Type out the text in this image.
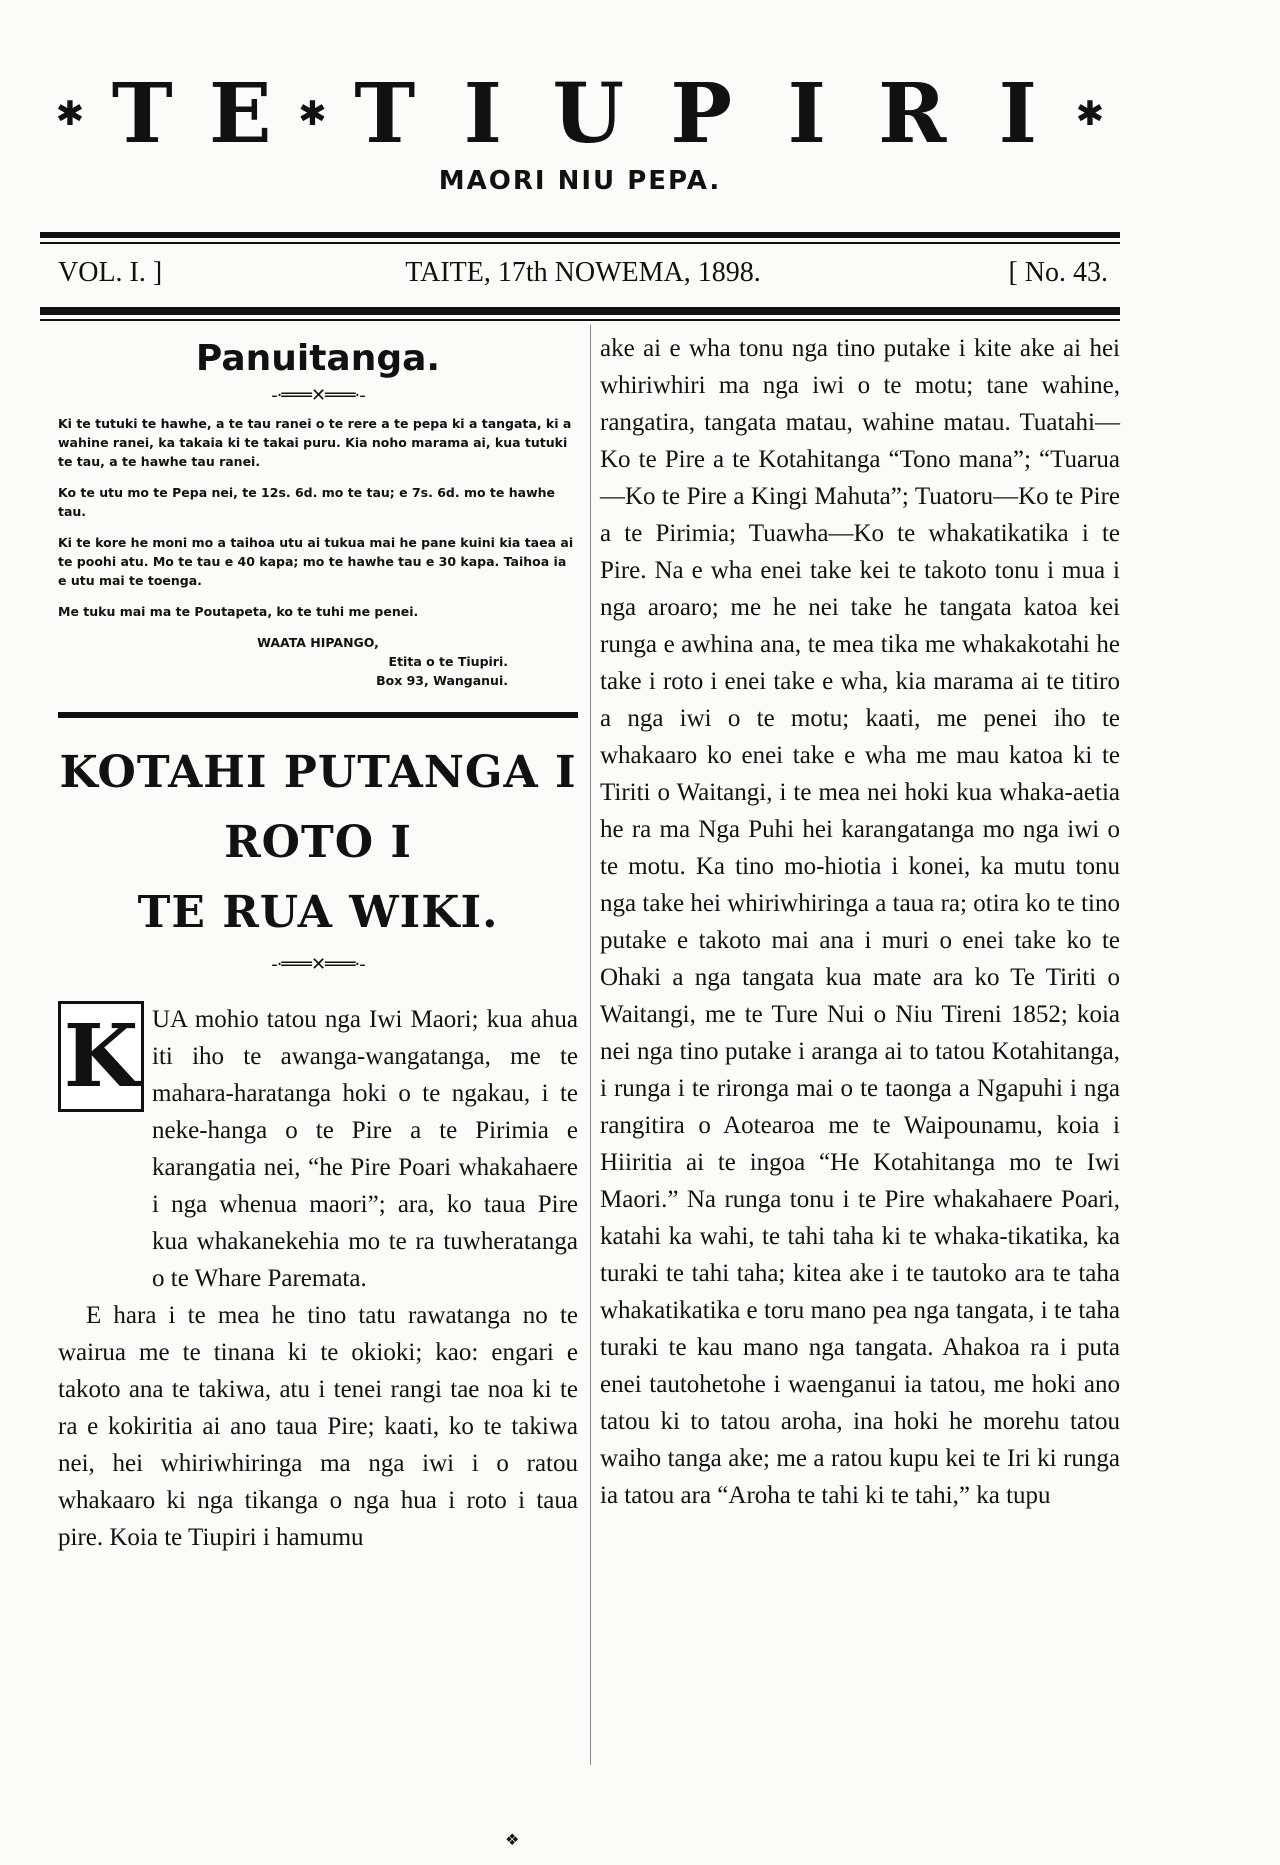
✱ T E ✱ T I U P I R I	✱
MAORI NIU PEPA.
VOL. I. ]	TAITE, 17th NOWEMA, 1898.	[ No. 43.
Panuitanga.
-·═══✕═══·-

Ki te tutuki te hawhe, a te tau ranei o te rere a te pepa ki a tangata, ki a wahine ranei, ka takaia ki te takai puru. Kia noho marama ai, kua tutuki te tau, a te hawhe tau ranei.

Ko te utu mo te Pepa nei, te 12s. 6d. mo te tau; e 7s. 6d. mo te hawhe tau.

Ki te kore he moni mo a taihoa utu ai tukua mai he pane kuini kia taea ai te poohi atu. Mo te tau e 40 kapa; mo te hawhe tau e 30 kapa. Taihoa ia e utu mai te toenga.

Me tuku mai ma te Poutapeta, ko te tuhi me penei.

WAATA HIPANGO,
Etita o te Tiupiri.
Box 93, Wanganui.
KOTAHI PUTANGA I ROTO I
TE RUA WIKI.
-·═══✕═══·-
K UA mohio tatou nga Iwi Maori; kua ahua iti iho te awanga-wangatanga, me te mahara-haratanga hoki o te ngakau, i te neke-hanga o te Pire a te Pirimia e karangatia nei, “he Pire Poari whakahaere i nga whenua maori”; ara, ko taua Pire kua whakanekehia mo te ra tuwheratanga o te Whare Paremata.

E hara i te mea he tino tatu rawatanga no te wairua me te tinana ki te okioki; kao: engari e takoto ana te takiwa, atu i tenei rangi tae noa ki te ra e kokiritia ai ano taua Pire; kaati, ko te takiwa nei, hei whiriwhiringa ma nga iwi i o ratou whakaaro ki nga tikanga o nga hua i roto i taua pire. Koia te Tiupiri i hamumu

ake ai e wha tonu nga tino putake i kite ake ai hei whiriwhiri ma nga iwi o te motu; tane wahine, rangatira, tangata matau, wahine matau. Tuatahi—Ko te Pire a te Kotahitanga “Tono mana”; “Tuarua—Ko te Pire a Kingi Mahuta”; Tuatoru—Ko te Pire a te Pirimia; Tuawha—Ko te whakatikatika i te Pire. Na e wha enei take kei te takoto tonu i mua i nga aroaro; me he nei take he tangata katoa kei runga e awhina ana, te mea tika me whakakotahi he take i roto i enei take e wha, kia marama ai te titiro a nga iwi o te motu; kaati, me penei iho te whakaaro ko enei take e wha me mau katoa ki te Tiriti o Waitangi, i te mea nei hoki kua whaka-aetia he ra ma Nga Puhi hei karangatanga mo nga iwi o te motu. Ka tino mo-hiotia i konei, ka mutu tonu nga take hei whiriwhiringa a taua ra; otira ko te tino putake e takoto mai ana i muri o enei take ko te Ohaki a nga tangata kua mate ara ko Te Tiriti o Waitangi, me te Ture Nui o Niu Tireni 1852; koia nei nga tino putake i aranga ai to tatou Kotahitanga, i runga i te rironga mai o te taonga a Ngapuhi i nga rangitira o Aotearoa me te Waipounamu, koia i Hiiritia ai te ingoa “He Kotahitanga mo te Iwi Maori.” Na runga tonu i te Pire whakahaere Poari, katahi ka wahi, te tahi taha ki te whaka-tikatika, ka turaki te tahi taha; kitea ake i te tautoko ara te taha whakatikatika e toru mano pea nga tangata, i te taha turaki te kau mano nga tangata. Ahakoa ra i puta enei tautohetohe i waenganui ia tatou, me hoki ano tatou ki to tatou aroha, ina hoki he morehu tatou waiho tanga ake; me a ratou kupu kei te Iri ki runga ia tatou ara “Aroha te tahi ki te tahi,” ka tupu

❖
